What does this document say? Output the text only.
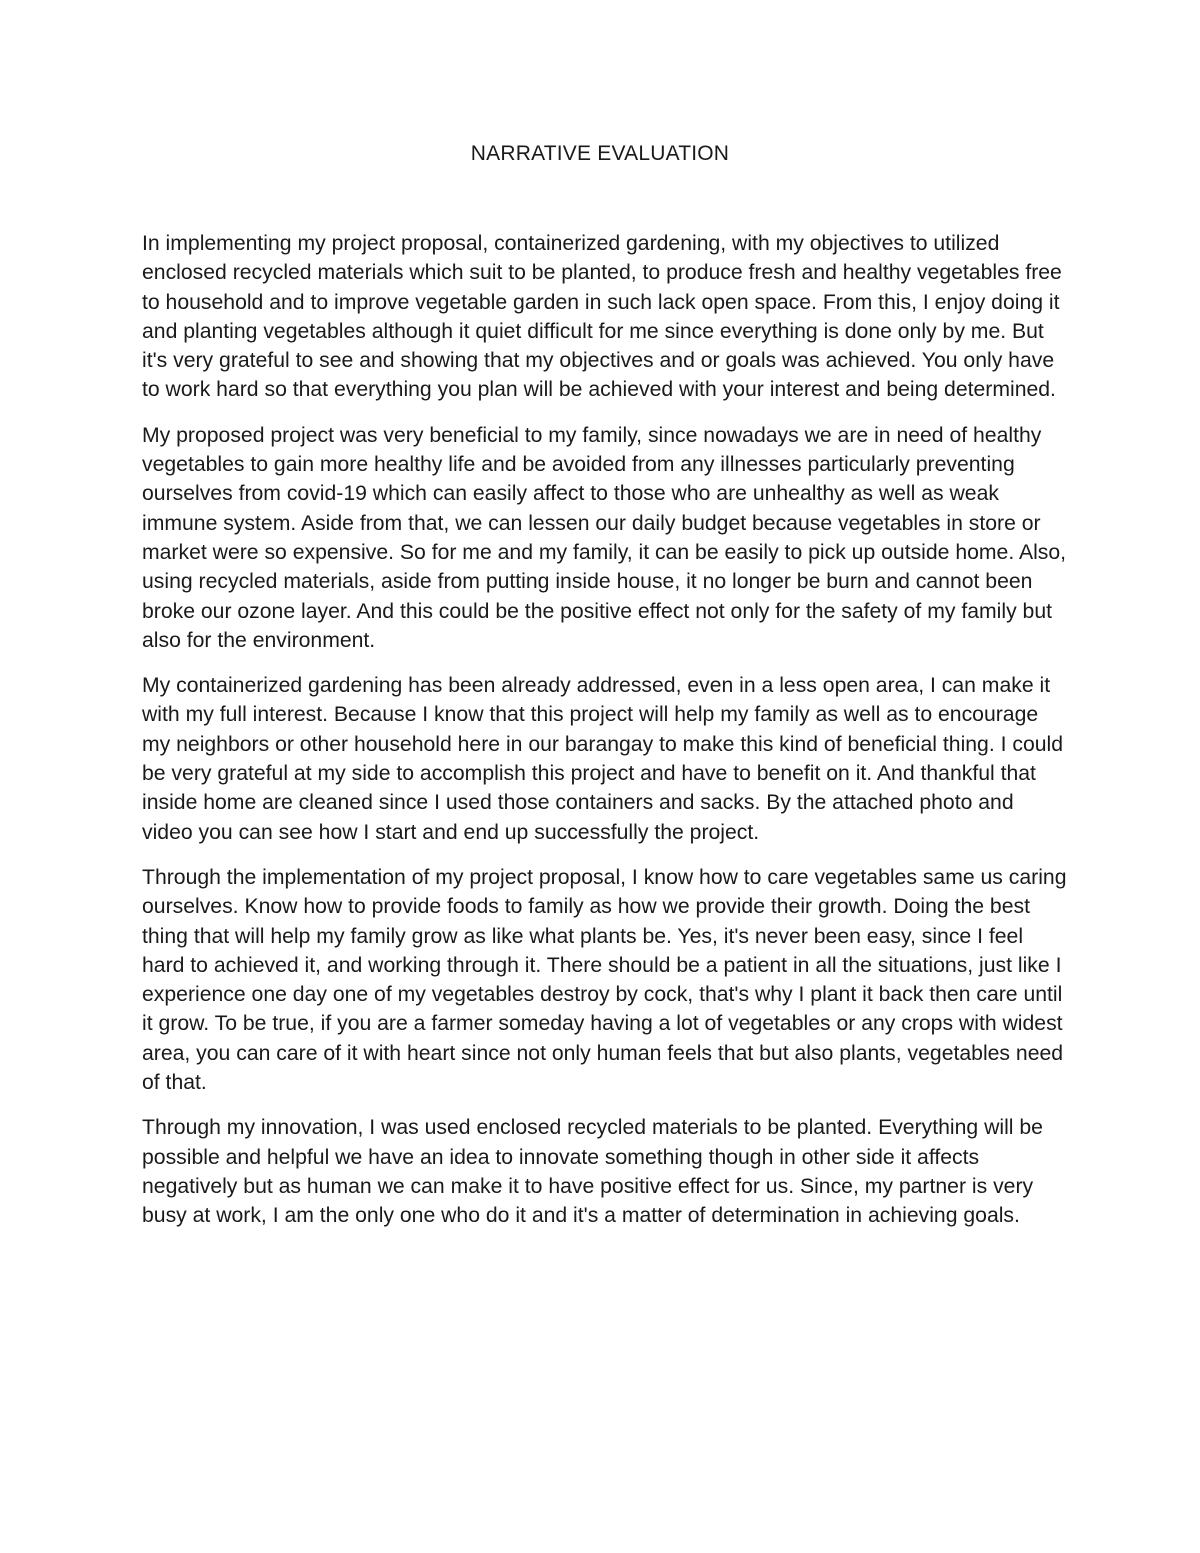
NARRATIVE EVALUATION

In implementing my project proposal, containerized gardening, with my objectives to utilized enclosed recycled materials which suit to be planted, to produce fresh and healthy vegetables free to household and to improve vegetable garden in such lack open space. From this, I enjoy doing it and planting vegetables although it quiet difficult for me since everything is done only by me. But it's very grateful to see and showing that my objectives and or goals was achieved. You only have to work hard so that everything you plan will be achieved with your interest and being determined.

My proposed project was very beneficial to my family, since nowadays we are in need of healthy vegetables to gain more healthy life and be avoided from any illnesses particularly preventing ourselves from covid-19 which can easily affect to those who are unhealthy as well as weak immune system. Aside from that, we can lessen our daily budget because vegetables in store or market were so expensive. So for me and my family, it can be easily to pick up outside home. Also, using recycled materials, aside from putting inside house, it no longer be burn and cannot been broke our ozone layer. And this could be the positive effect not only for the safety of my family but also for the environment.

My containerized gardening has been already addressed, even in a less open area, I can make it with my full interest. Because I know that this project will help my family as well as to encourage my neighbors or other household here in our barangay to make this kind of beneficial thing. I could be very grateful at my side to accomplish this project and have to benefit on it. And thankful that inside home are cleaned since I used those containers and sacks. By the attached photo and video you can see how I start and end up successfully the project.

Through the implementation of my project proposal, I know how to care vegetables same us caring ourselves. Know how to provide foods to family as how we provide their growth. Doing the best thing that will help my family grow as like what plants be. Yes, it's never been easy, since I feel hard to achieved it, and working through it. There should be a patient in all the situations, just like I experience one day one of my vegetables destroy by cock, that's why I plant it back then care until it grow. To be true, if you are a farmer someday having a lot of vegetables or any crops with widest area, you can care of it with heart since not only human feels that but also plants, vegetables need of that.

Through my innovation, I was used enclosed recycled materials to be planted. Everything will be possible and helpful we have an idea to innovate something though in other side it affects negatively but as human we can make it to have positive effect for us. Since, my partner is very busy at work, I am the only one who do it and it's a matter of determination in achieving goals.
